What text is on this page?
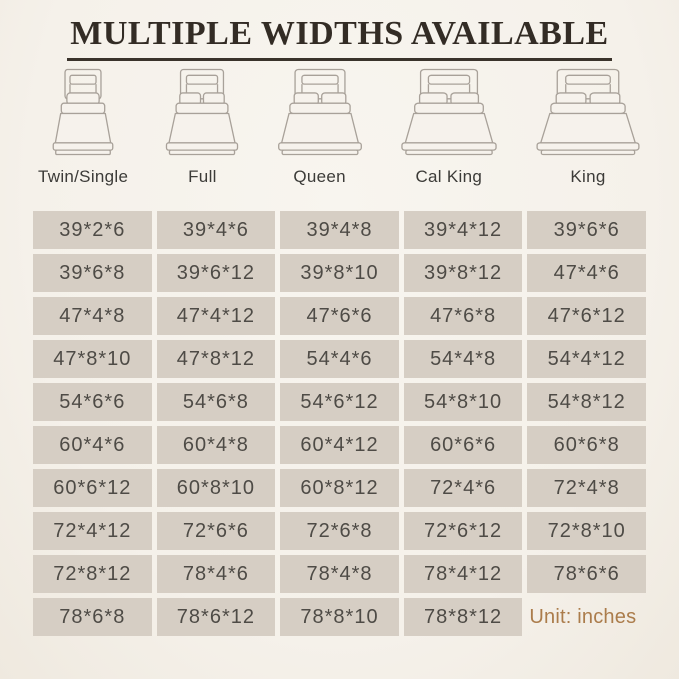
MULTIPLE WIDTHS AVAILABLE
Twin/Single	Full	Queen	Cal King	King
39*2*6	39*4*6	39*4*8	39*4*12	39*6*6
39*6*8	39*6*12	39*8*10	39*8*12	47*4*6
47*4*8	47*4*12	47*6*6	47*6*8	47*6*12
47*8*10	47*8*12	54*4*6	54*4*8	54*4*12
54*6*6	54*6*8	54*6*12	54*8*10	54*8*12
60*4*6	60*4*8	60*4*12	60*6*6	60*6*8
60*6*12	60*8*10	60*8*12	72*4*6	72*4*8
72*4*12	72*6*6	72*6*8	72*6*12	72*8*10
72*8*12	78*4*6	78*4*8	78*4*12	78*6*6
78*6*8	78*6*12	78*8*10	78*8*12	Unit: inches
